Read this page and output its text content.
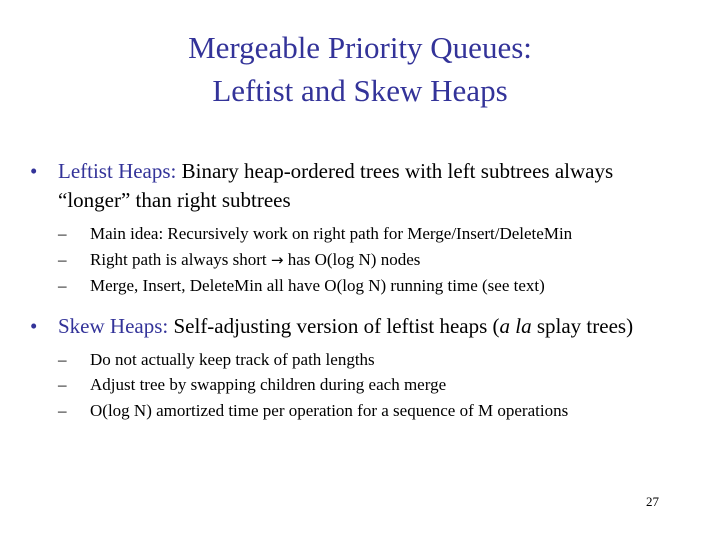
Mergeable Priority Queues:
Leftist and Skew Heaps
• Leftist Heaps: Binary heap-ordered trees with left subtrees always “longer” than right subtrees
– Main idea: Recursively work on right path for Merge/Insert/DeleteMin
– Right path is always short → has O(log N) nodes
– Merge, Insert, DeleteMin all have O(log N) running time (see text)
• Skew Heaps: Self-adjusting version of leftist heaps (a la splay trees)
– Do not actually keep track of path lengths
– Adjust tree by swapping children during each merge
– O(log N) amortized time per operation for a sequence of M operations
27
